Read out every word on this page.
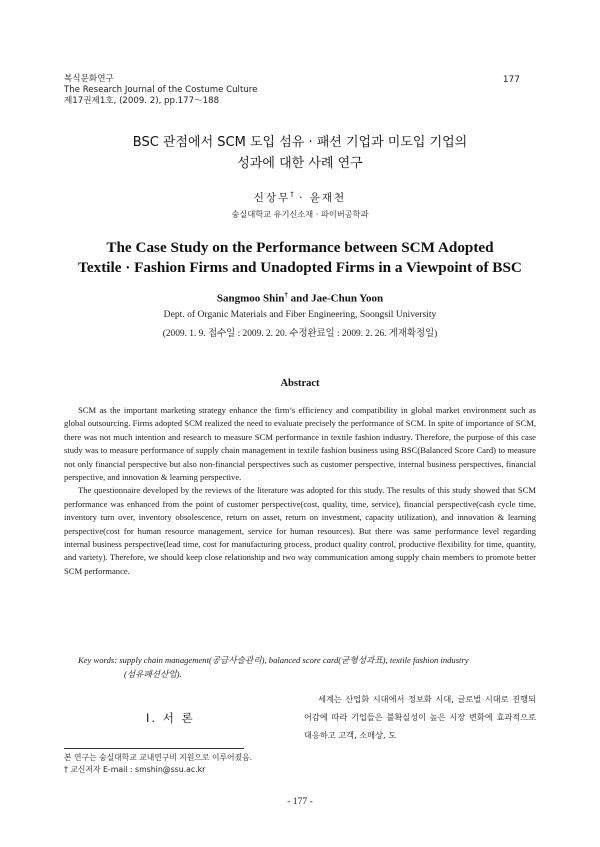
복식문화연구
The Research Journal of the Costume Culture
제17권제1호, (2009. 2), pp.177～188
177
BSC 관점에서 SCM 도입 섬유 · 패션 기업과 미도입 기업의
성과에 대한 사례 연구
신상무† · 윤재천
숭실대학교 유기신소재 · 파이버공학과
The Case Study on the Performance between SCM Adopted
Textile · Fashion Firms and Unadopted Firms in a Viewpoint of BSC
Sangmoo Shin† and Jae-Chun Yoon
Dept. of Organic Materials and Fiber Engineering, Soongsil University
(2009. 1. 9. 접수일 : 2009. 2. 20. 수정완료일 : 2009. 2. 26. 게재확정일)
Abstract

SCM as the important marketing strategy enhance the firm’s efficiency and compatibility in global market environment such as global outsourcing. Firms adopted SCM realized the need to evaluate precisely the performance of SCM. In spite of importance of SCM, there was not much intention and research to measure SCM performance in textile fashion industry. Therefore, the purpose of this case study was to measure performance of supply chain management in textile fashion business using BSC(Balanced Score Card) to measure not only financial perspective but also non-financial perspectives such as customer perspective, internal business perspectives, financial perspective, and innovation & learning perspective.

The questionnaire developed by the reviews of the literature was adopted for this study. The results of this study showed that SCM performance was enhanced from the point of customer perspective(cost, quality, time, service), financial perspective(cash cycle time, inventory turn over, inventory obsolescence, return on asset, return on investment, capacity utilization), and innovation & learning perspective(cost for human resource management, service for human resources). But there was same performance level regarding internal business perspective(lead time, cost for manufacturing process, product quality control, productive flexibility for time, quantity, and variety). Therefore, we should keep close relationship and two way communication among supply chain members to promote better SCM performance.

Key words: supply chain management(공급사슬관리), balanced score card(균형성과표), textile fashion industry
(섬유패션산업).
Ⅰ. 서 론

세계는 산업화 시대에서 정보화 시대, 글로벌 시대로 진행되어감에 따라 기업들은 불확실성이 높은 시장 변화에 효과적으로 대응하고 고객, 소매상, 도

본 연구는 숭실대학교 교내연구비 지원으로 이루어졌음.
† 교신저자 E-mail : smshin@ssu.ac.kr
- 177 -
